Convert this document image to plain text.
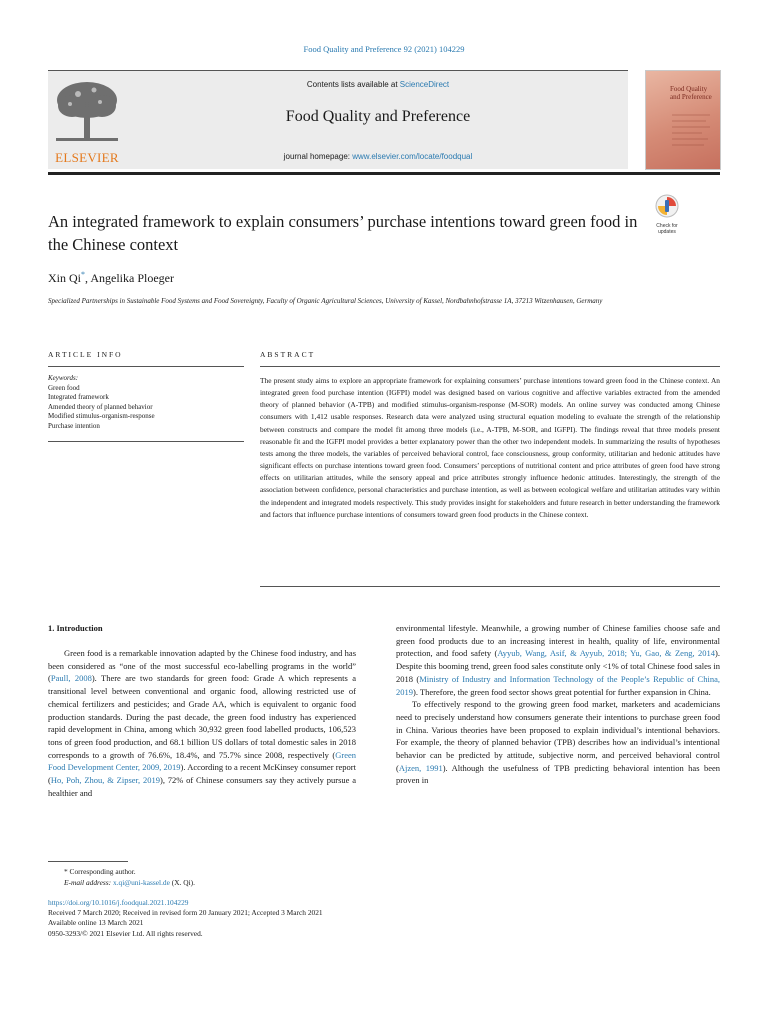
Food Quality and Preference 92 (2021) 104229
ELSEVIER
Contents lists available at ScienceDirect
Food Quality and Preference
journal homepage: www.elsevier.com/locate/foodqual
Food Quality and Preference
An integrated framework to explain consumers’ purchase intentions toward green food in the Chinese context
Check for updates
Xin Qi*, Angelika Ploeger
Specialized Partnerships in Sustainable Food Systems and Food Sovereignty, Faculty of Organic Agricultural Sciences, University of Kassel, Nordbahnhofstrasse 1A, 37213 Witzenhausen, Germany
ARTICLE INFO	ABSTRACT
Keywords:
Green food
Integrated framework
Amended theory of planned behavior
Modified stimulus-organism-response
Purchase intention
The present study aims to explore an appropriate framework for explaining consumers’ purchase intentions toward green food in the Chinese context. An integrated green food purchase intention (IGFPI) model was designed based on various cognitive and affective variables extracted from the amended theory of planned behavior (A-TPB) and modified stimulus-organism-response (M-SOR) models. An online survey was conducted among Chinese consumers with 1,412 usable responses. Research data were analyzed using structural equation modeling to evaluate the strength of the relationship between constructs and compare the model fit among three models (i.e., A-TPB, M-SOR, and IGFPI). The findings reveal that three models present reasonable fit and the IGFPI model provides a better explanatory power than the other two independent models. In summarizing the results of hypotheses tests among the three models, the variables of perceived behavioral control, face consciousness, group conformity, utilitarian and hedonic attitudes have significant effects on purchase intentions toward green food. Consumers’ perceptions of nutritional content and price attributes of green food have strong effects on utilitarian attitudes, while the sensory appeal and price attributes strongly influence hedonic attitudes. Interestingly, the strength of the association between confidence, personal characteristics and purchase intention, as well as between ecological welfare and utilitarian attitudes vary within the independent and integrated models respectively. This study provides insight for stakeholders and future research in better understanding the framework and factors that influence purchase intentions of consumers toward green food products in the Chinese context.
1. Introduction

Green food is a remarkable innovation adapted by the Chinese food industry, and has been considered as “one of the most successful eco-labelling programs in the world” (Paull, 2008). There are two standards for green food: Grade A which represents a transitional level between conventional and organic food, allowing restricted use of chemical fertilizers and pesticides; and Grade AA, which is equivalent to organic food production standards. During the past decade, the green food industry has experienced rapid development in China, among which 30,932 green food labelled products, 106,523 tons of green food production, and 68.1 billion US dollars of total domestic sales in 2018 corresponds to a growth of 76.6%, 18.4%, and 75.7% since 2008, respectively (Green Food Development Center, 2009, 2019). According to a recent McKinsey consumer report (Ho, Poh, Zhou, & Zipser, 2019), 72% of Chinese consumers say they actively pursue a healthier and

environmental lifestyle. Meanwhile, a growing number of Chinese families choose safe and green food products due to an increasing interest in health, quality of life, environmental protection, and food safety (Ayyub, Wang, Asif, & Ayyub, 2018; Yu, Gao, & Zeng, 2014). Despite this booming trend, green food sales constitute only <1% of total Chinese food sales in 2018 (Ministry of Industry and Information Technology of the People’s Republic of China, 2019). Therefore, the green food sector shows great potential for further expansion in China.

To effectively respond to the growing green food market, marketers and academicians need to precisely understand how consumers generate their intentions to purchase green food in China. Various theories have been proposed to explain individual’s intentional behaviors. For example, the theory of planned behavior (TPB) describes how an individual’s intentional behavior can be predicted by attitude, subjective norm, and perceived behavioral control (Ajzen, 1991). Although the usefulness of TPB predicting behavioral intention has been proven in

* Corresponding author.
E-mail address: x.qi@uni-kassel.de (X. Qi).
https://doi.org/10.1016/j.foodqual.2021.104229
Received 7 March 2020; Received in revised form 20 January 2021; Accepted 3 March 2021
Available online 13 March 2021
0950-3293/© 2021 Elsevier Ltd. All rights reserved.
